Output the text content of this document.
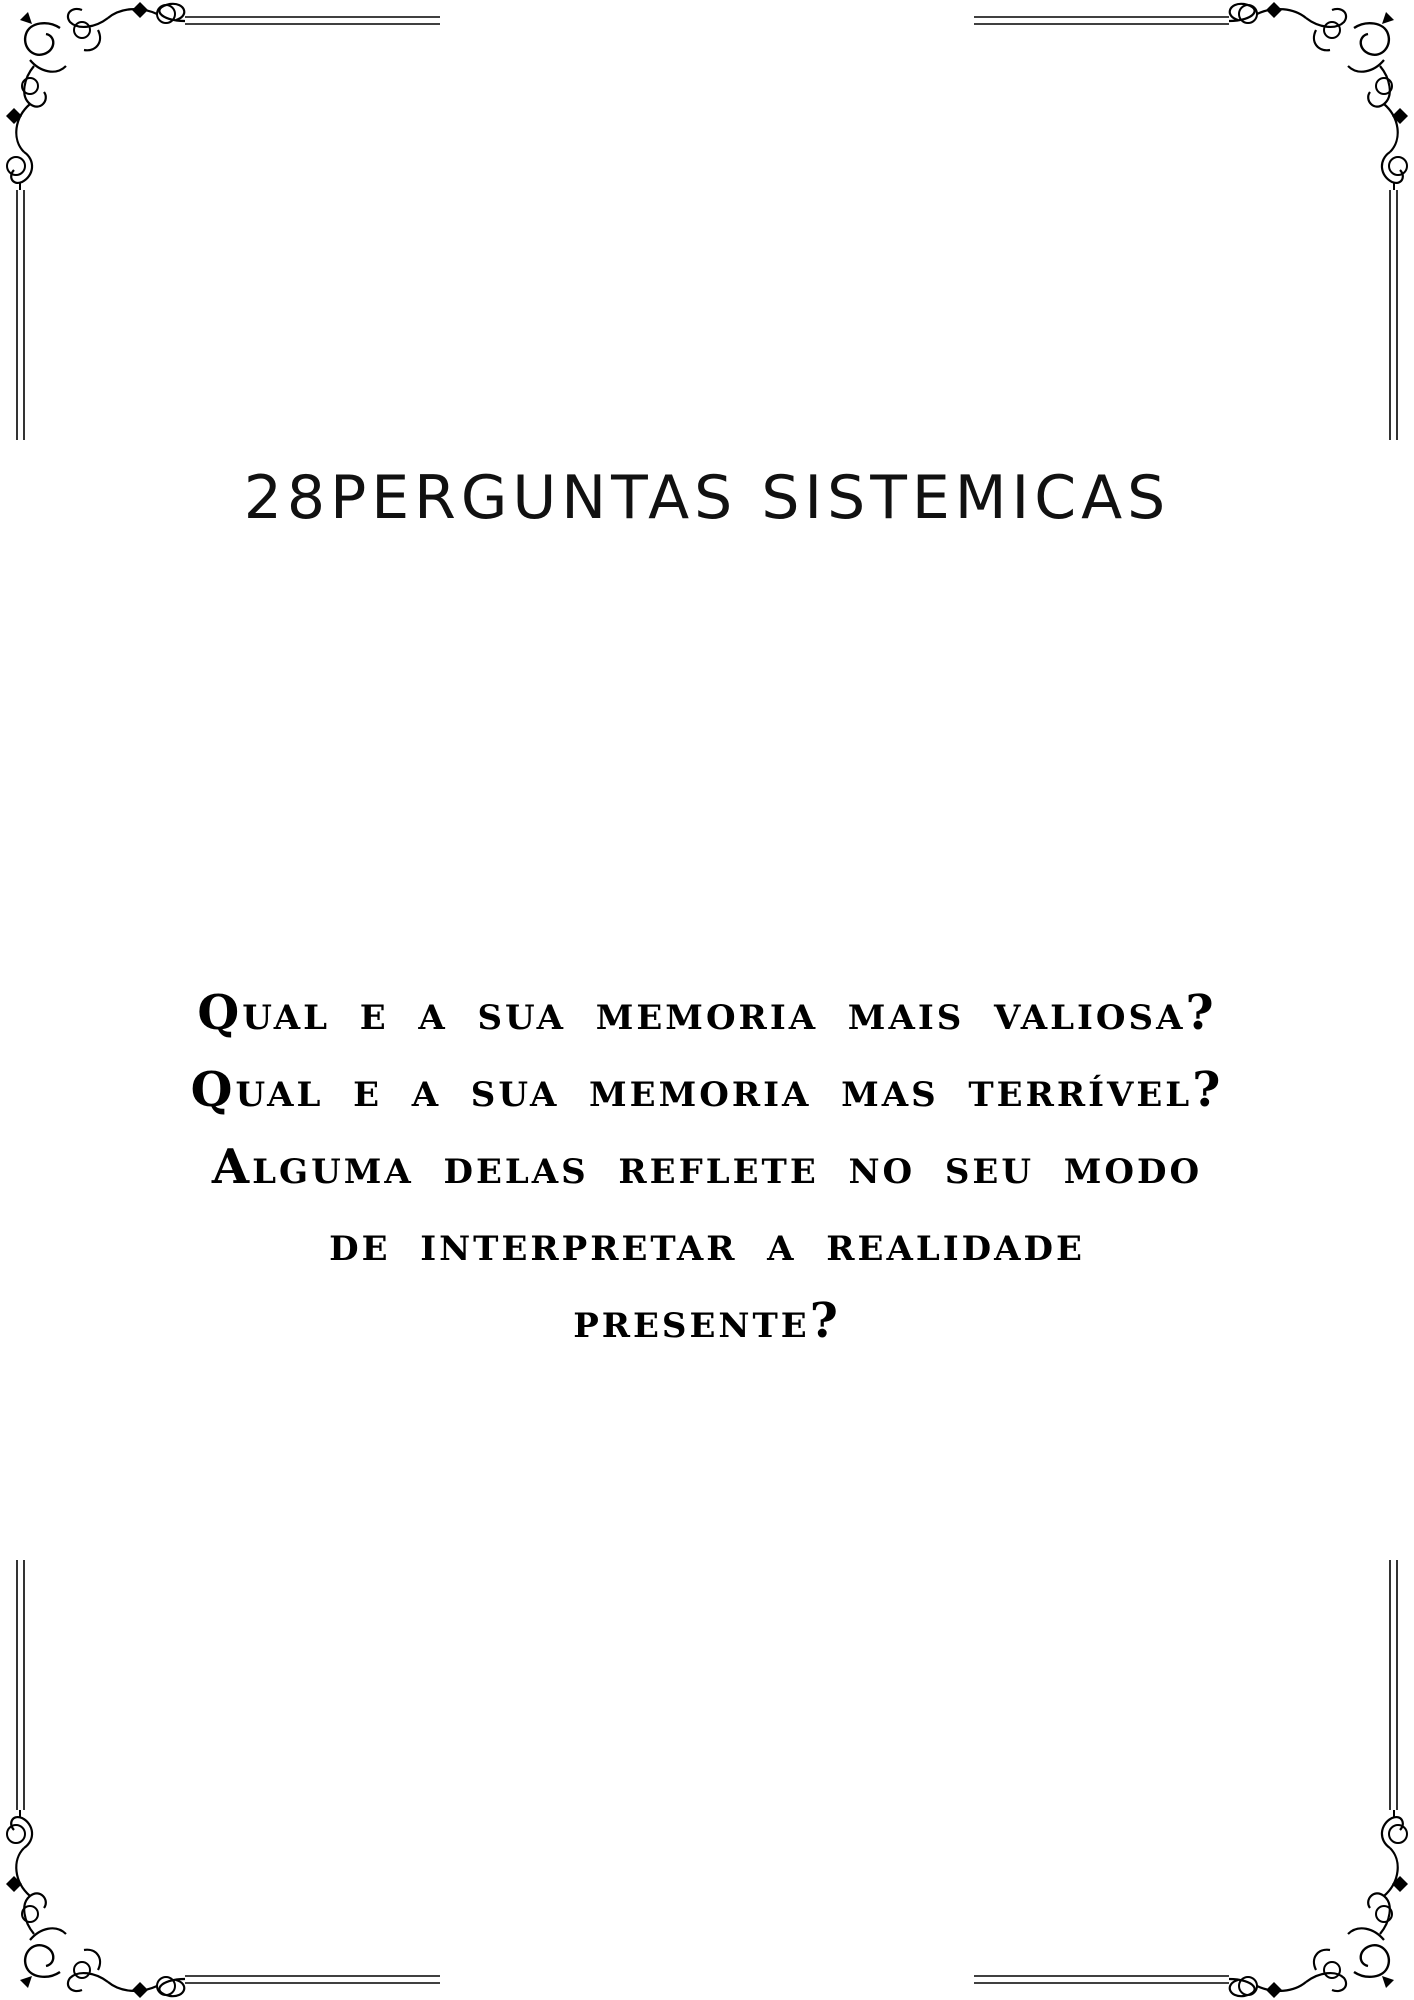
28PERGUNTAS SISTEMICAS
Qual e a sua memoria mais valiosa?
Qual e a sua memoria mas terrível?
Alguma delas reflete no seu modo
de interpretar a realidade
presente?
